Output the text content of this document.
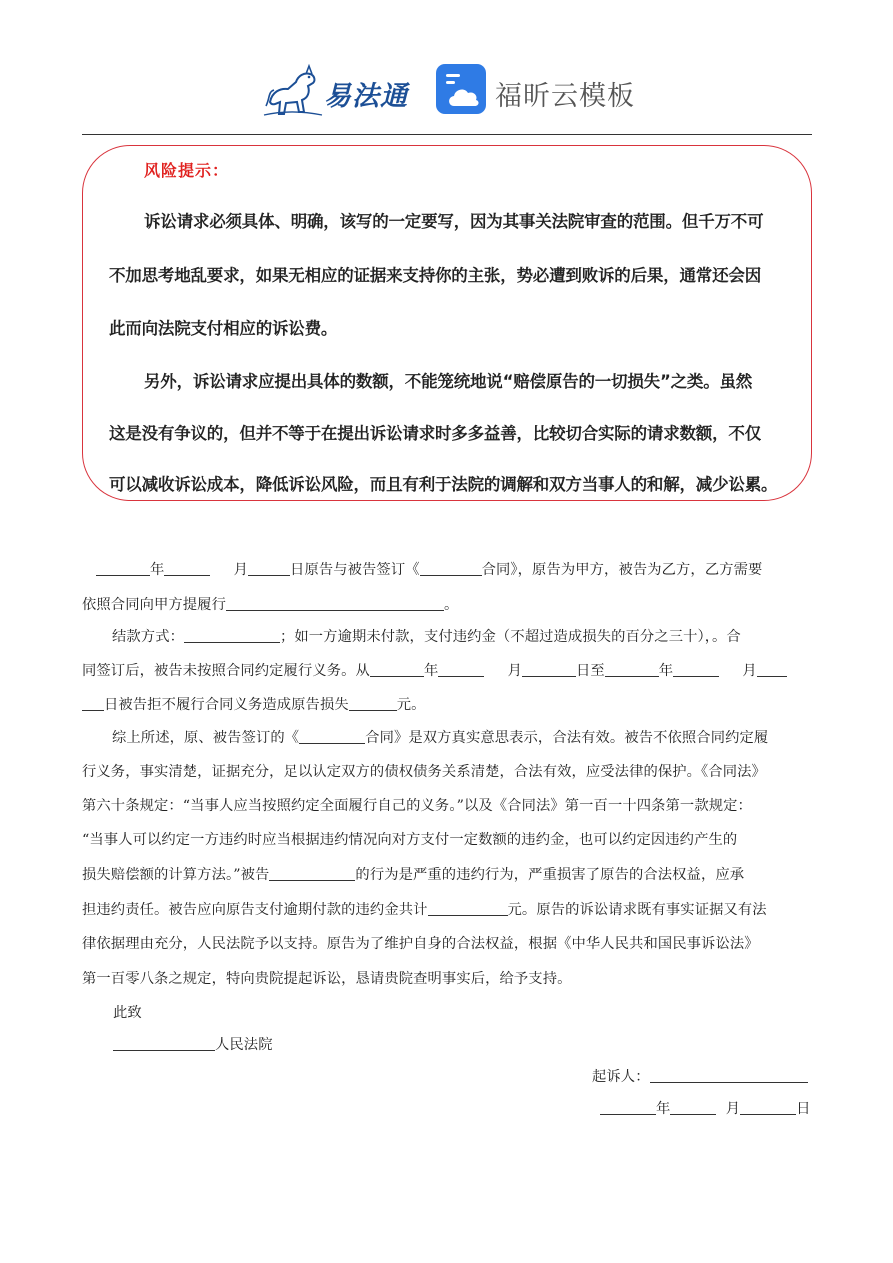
易法通	福昕云模板
风险提示：
诉讼请求必须具体、明确，该写的一定要写，因为其事关法院审查的范围。但千万不可
不加思考地乱要求，如果无相应的证据来支持你的主张，势必遭到败诉的后果，通常还会因
此而向法院支付相应的诉讼费。
另外，诉讼请求应提出具体的数额，不能笼统地说“赔偿原告的一切损失”之类。虽然
这是没有争议的，但并不等于在提出诉讼请求时多多益善，比较切合实际的请求数额，不仅
可以减收诉讼成本，降低诉讼风险，而且有利于法院的调解和双方当事人的和解，减少讼累。
年	月	日原告与被告签订《	合同》，原告为甲方，被告为乙方，乙方需要
依照合同向甲方提履行	。
结款方式：	；如一方逾期未付款，支付违约金（不超过造成损失的百分之三十），。合
同签订后，被告未按照合同约定履行义务。从	年	月	日至	年	月
日被告拒不履行合同义务造成原告损失	元。
综上所述，原、被告签订的《	合同》是双方真实意思表示，合法有效。被告不依照合同约定履
行义务，事实清楚，证据充分，足以认定双方的债权债务关系清楚，合法有效，应受法律的保护。《合同法》
第六十条规定：“当事人应当按照约定全面履行自己的义务。”以及《合同法》第一百一十四条第一款规定：
“当事人可以约定一方违约时应当根据违约情况向对方支付一定数额的违约金，也可以约定因违约产生的
损失赔偿额的计算方法。”被告	的行为是严重的违约行为，严重损害了原告的合法权益，应承
担违约责任。被告应向原告支付逾期付款的违约金共计	元。原告的诉讼请求既有事实证据又有法
律依据理由充分，人民法院予以支持。原告为了维护自身的合法权益，根据《中华人民共和国民事诉讼法》
第一百零八条之规定，特向贵院提起诉讼，恳请贵院查明事实后，给予支持。
此致
人民法院
起诉人：
年	月	日
